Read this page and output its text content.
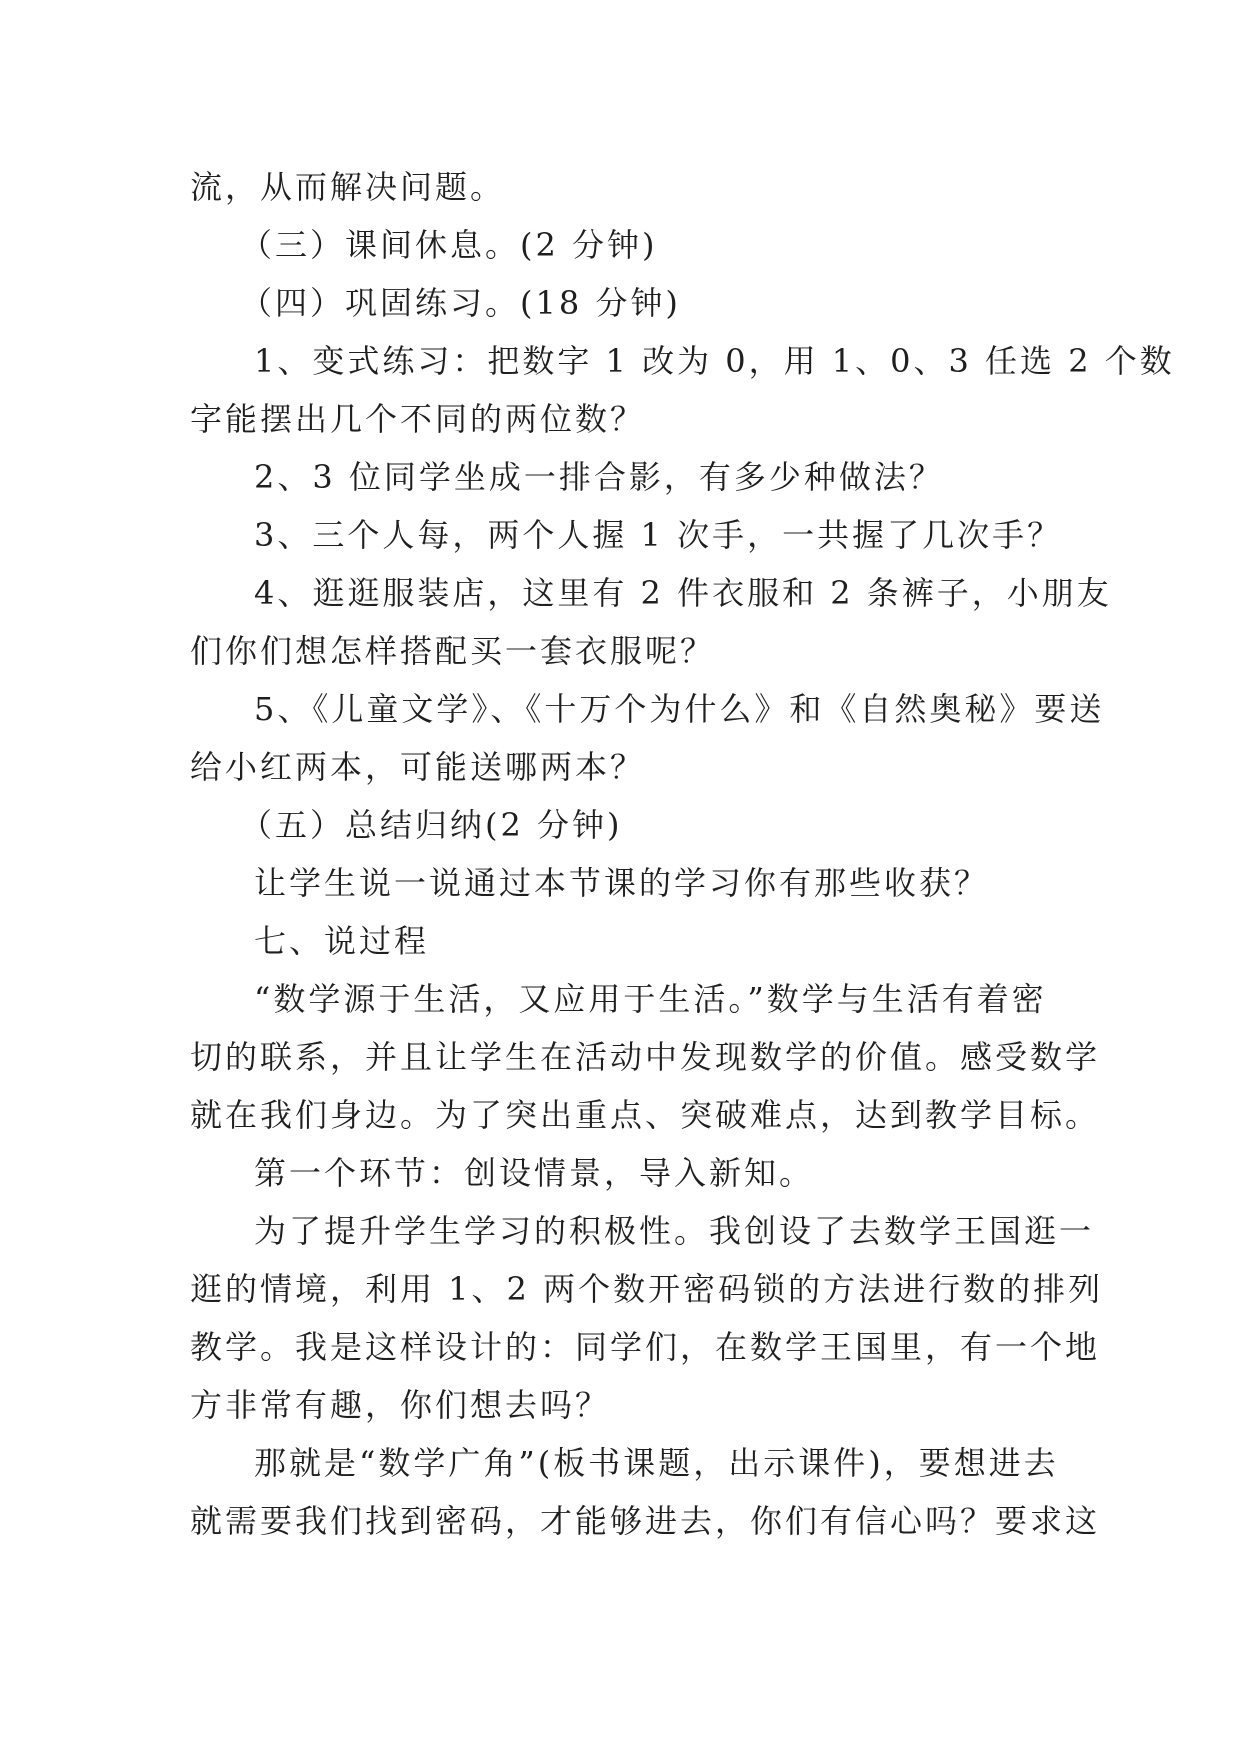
流，从而解决问题。
（三）课间休息。(2 分钟)
（四）巩固练习。(18 分钟)
1、变式练习：把数字 1 改为 0，用 1、0、3 任选 2 个数
字能摆出几个不同的两位数？
2、3 位同学坐成一排合影，有多少种做法？
3、三个人每，两个人握 1 次手，一共握了几次手？
4、逛逛服装店，这里有 2 件衣服和 2 条裤子，小朋友
们你们想怎样搭配买一套衣服呢？
5、《儿童文学》、《十万个为什么》和《自然奥秘》要送
给小红两本，可能送哪两本？
（五）总结归纳(2 分钟)
让学生说一说通过本节课的学习你有那些收获？
七、说过程
“数学源于生活，又应用于生活。”数学与生活有着密
切的联系，并且让学生在活动中发现数学的价值。感受数学
就在我们身边。为了突出重点、突破难点，达到教学目标。
第一个环节：创设情景，导入新知。
为了提升学生学习的积极性。我创设了去数学王国逛一
逛的情境，利用 1、2 两个数开密码锁的方法进行数的排列
教学。我是这样设计的：同学们，在数学王国里，有一个地
方非常有趣，你们想去吗？
那就是“数学广角”(板书课题，出示课件)，要想进去
就需要我们找到密码，才能够进去，你们有信心吗？要求这
